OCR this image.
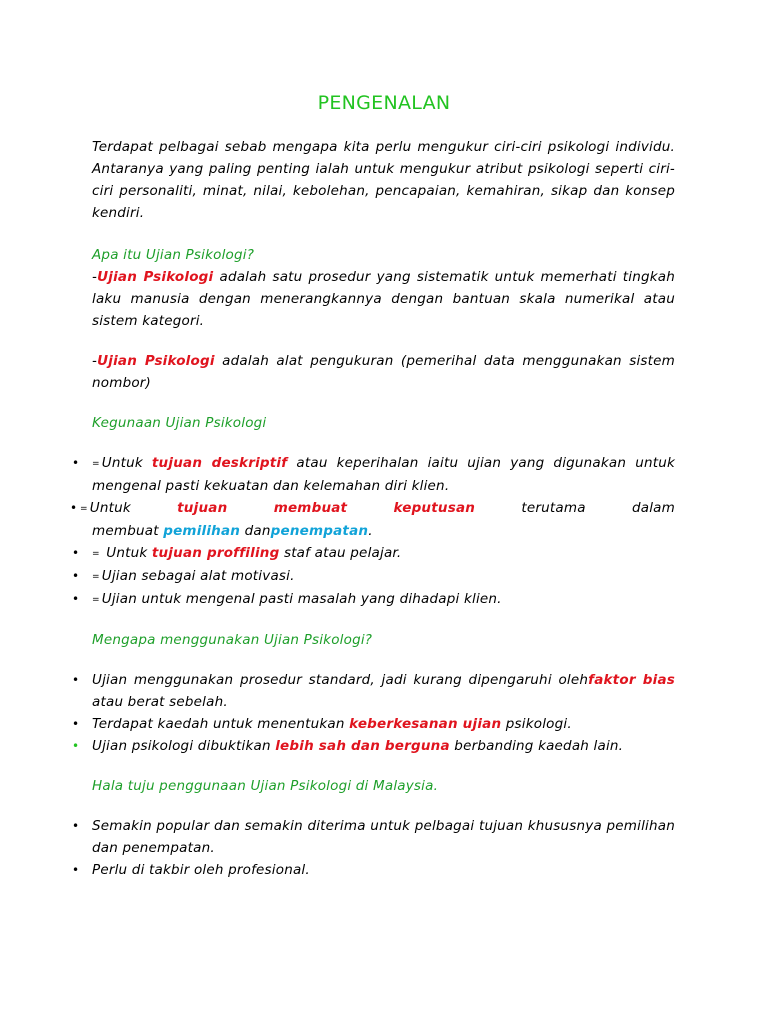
PENGENALAN

Terdapat pelbagai sebab mengapa kita perlu mengukur ciri-ciri psikologi individu. Antaranya yang paling penting ialah untuk mengukur atribut psikologi seperti ciri-ciri personaliti, minat, nilai, kebolehan, pencapaian, kemahiran, sikap dan konsep kendiri.

Apa itu Ujian Psikologi?

-Ujian Psikologi adalah satu prosedur yang sistematik untuk memerhati tingkah laku manusia dengan menerangkannya dengan bantuan skala numerikal atau sistem kategori.

-Ujian Psikologi adalah alat pengukuran (pemerihal data menggunakan sistem nombor)

Kegunaan Ujian Psikologi

• = Untuk tujuan deskriptif atau keperihalan iaitu ujian yang digunakan untuk mengenal pasti kekuatan dan kelemahan diri klien.
• = Untuk tujuan	membuat	keputusan terutama dalam
membuat pemilihan danpenempatan.
• = Untuk tujuan proffiling staf atau pelajar.
• = Ujian sebagai alat motivasi.
• = Ujian untuk mengenal pasti masalah yang dihadapi klien.

Mengapa menggunakan Ujian Psikologi?

• Ujian menggunakan prosedur standard, jadi kurang dipengaruhi olehfaktor bias atau berat sebelah.
• Terdapat kaedah untuk menentukan keberkesanan ujian psikologi.
• Ujian psikologi dibuktikan lebih sah dan berguna berbanding kaedah lain.

Hala tuju penggunaan Ujian Psikologi di Malaysia.

• Semakin popular dan semakin diterima untuk pelbagai tujuan khususnya pemilihan dan penempatan.
• Perlu di takbir oleh profesional.
